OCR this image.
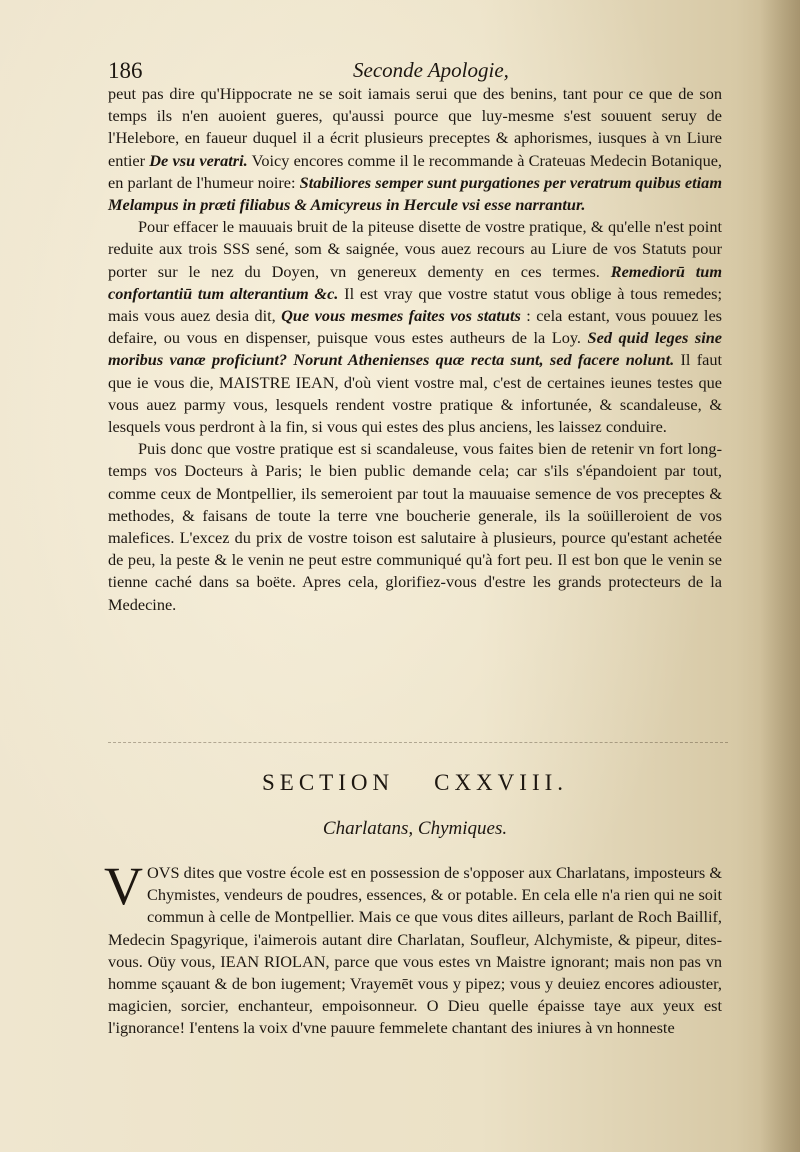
186	Seconde Apologie,

peut pas dire qu'Hippocrate ne se soit iamais serui que des benins, tant pour ce que de son temps ils n'en auoient gueres, qu'aussi pource que luy-mesme s'est souuent seruy de l'Helebore, en faueur duquel il a écrit plusieurs preceptes & aphorismes, iusques à vn Liure entier De vsu veratri. Voicy encores comme il le recommande à Crateuas Medecin Botanique, en parlant de l'humeur noire: Stabiliores semper sunt purgationes per veratrum quibus etiam Melampus in præti filiabus & Amicyreus in Hercule vsi esse narrantur.

Pour effacer le mauuais bruit de la piteuse disette de vostre pratique, & qu'elle n'est point reduite aux trois SSS sené, som & saignée, vous auez recours au Liure de vos Statuts pour porter sur le nez du Doyen, vn genereux dementy en ces termes. Remediorū tum confortantiū tum alterantium &c. Il est vray que vostre statut vous oblige à tous remedes; mais vous auez desia dit, Que vous mesmes faites vos statuts : cela estant, vous pouuez les defaire, ou vous en dispenser, puisque vous estes autheurs de la Loy. Sed quid leges sine moribus vanæ proficiunt? Norunt Athenienses quæ recta sunt, sed facere nolunt. Il faut que ie vous die, MAISTRE IEAN, d'où vient vostre mal, c'est de certaines ieunes testes que vous auez parmy vous, lesquels rendent vostre pratique & infortunée, & scandaleuse, & lesquels vous perdront à la fin, si vous qui estes des plus anciens, les laissez conduire.

Puis donc que vostre pratique est si scandaleuse, vous faites bien de retenir vn fort long-temps vos Docteurs à Paris; le bien public demande cela; car s'ils s'épandoient par tout, comme ceux de Montpellier, ils semeroient par tout la mauuaise semence de vos preceptes & methodes, & faisans de toute la terre vne boucherie generale, ils la soüilleroient de vos malefices. L'excez du prix de vostre toison est salutaire à plusieurs, pource qu'estant achetée de peu, la peste & le venin ne peut estre communiqué qu'à fort peu. Il est bon que le venin se tienne caché dans sa boëte. Apres cela, glorifiez-vous d'estre les grands protecteurs de la Medecine.

SECTION CXXVIII.
Charlatans, Chymiques.

VOVS dites que vostre école est en possession de s'opposer aux Charlatans, imposteurs & Chymistes, vendeurs de poudres, essences, & or potable. En cela elle n'a rien qui ne soit commun à celle de Montpellier. Mais ce que vous dites ailleurs, parlant de Roch Baillif, Medecin Spagyrique, i'aimerois autant dire Charlatan, Soufleur, Alchymiste, & pipeur, dites-vous. Oüy vous, IEAN RIOLAN, parce que vous estes vn Maistre ignorant; mais non pas vn homme sçauant & de bon iugement; Vrayemēt vous y pipez; vous y deuiez encores adiouster, magicien, sorcier, enchanteur, empoisonneur. O Dieu quelle épaisse taye aux yeux est l'ignorance! I'entens la voix d'vne pauure femmelete chantant des iniures à vn honneste
